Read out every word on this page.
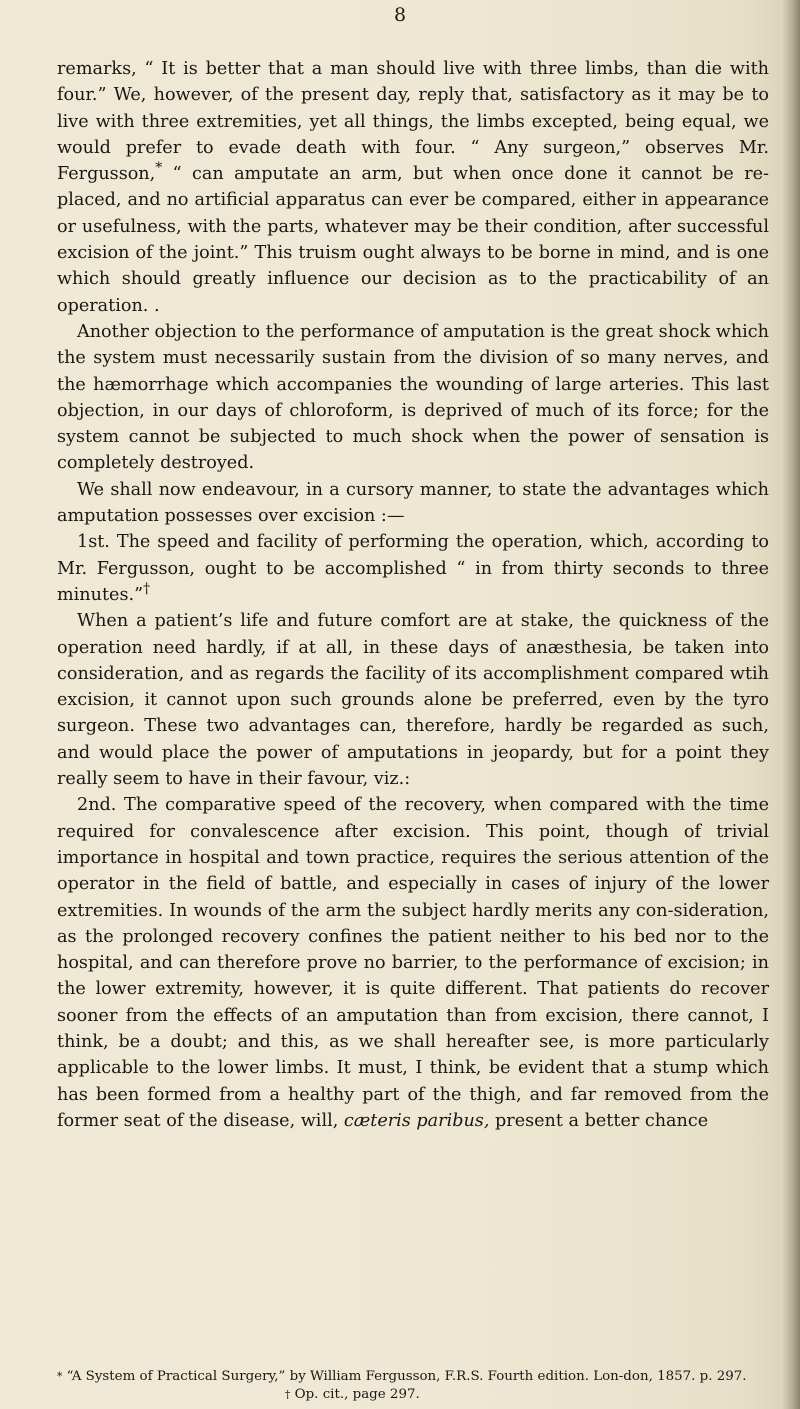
8

remarks, “ It is better that a man should live with three limbs, than die with four.” We, however, of the present day, reply that, satisfactory as it may be to live with three extremities, yet all things, the limbs excepted, being equal, we would prefer to evade death with four. “ Any surgeon,” observes Mr. Fergusson,* “ can amputate an arm, but when once done it cannot be re-placed, and no artificial apparatus can ever be compared, either in appearance or usefulness, with the parts, whatever may be their condition, after successful excision of the joint.” This truism ought always to be borne in mind, and is one which should greatly influence our decision as to the practicability of an operation. .

Another objection to the performance of amputation is the great shock which the system must necessarily sustain from the division of so many nerves, and the hæmorrhage which accompanies the wounding of large arteries. This last objection, in our days of chloroform, is deprived of much of its force; for the system cannot be subjected to much shock when the power of sensation is completely destroyed.

We shall now endeavour, in a cursory manner, to state the advantages which amputation possesses over excision :—

1st. The speed and facility of performing the operation, which, according to Mr. Fergusson, ought to be accomplished “ in from thirty seconds to three minutes.”†

When a patient’s life and future comfort are at stake, the quickness of the operation need hardly, if at all, in these days of anæsthesia, be taken into consideration, and as regards the facility of its accomplishment compared wtih excision, it cannot upon such grounds alone be preferred, even by the tyro surgeon. These two advantages can, therefore, hardly be regarded as such, and would place the power of amputations in jeopardy, but for a point they really seem to have in their favour, viz.:

2nd. The comparative speed of the recovery, when compared with the time required for convalescence after excision. This point, though of trivial importance in hospital and town practice, requires the serious attention of the operator in the field of battle, and especially in cases of injury of the lower extremities. In wounds of the arm the subject hardly merits any con-sideration, as the prolonged recovery confines the patient neither to his bed nor to the hospital, and can therefore prove no barrier, to the performance of excision; in the lower extremity, however, it is quite different. That patients do recover sooner from the effects of an amputation than from excision, there cannot, I think, be a doubt; and this, as we shall hereafter see, is more particularly applicable to the lower limbs. It must, I think, be evident that a stump which has been formed from a healthy part of the thigh, and far removed from the former seat of the disease, will, cæteris paribus, present a better chance

* “A System of Practical Surgery,” by William Fergusson, F.R.S. Fourth edition. Lon-don, 1857. p. 297.

† Op. cit., page 297.
